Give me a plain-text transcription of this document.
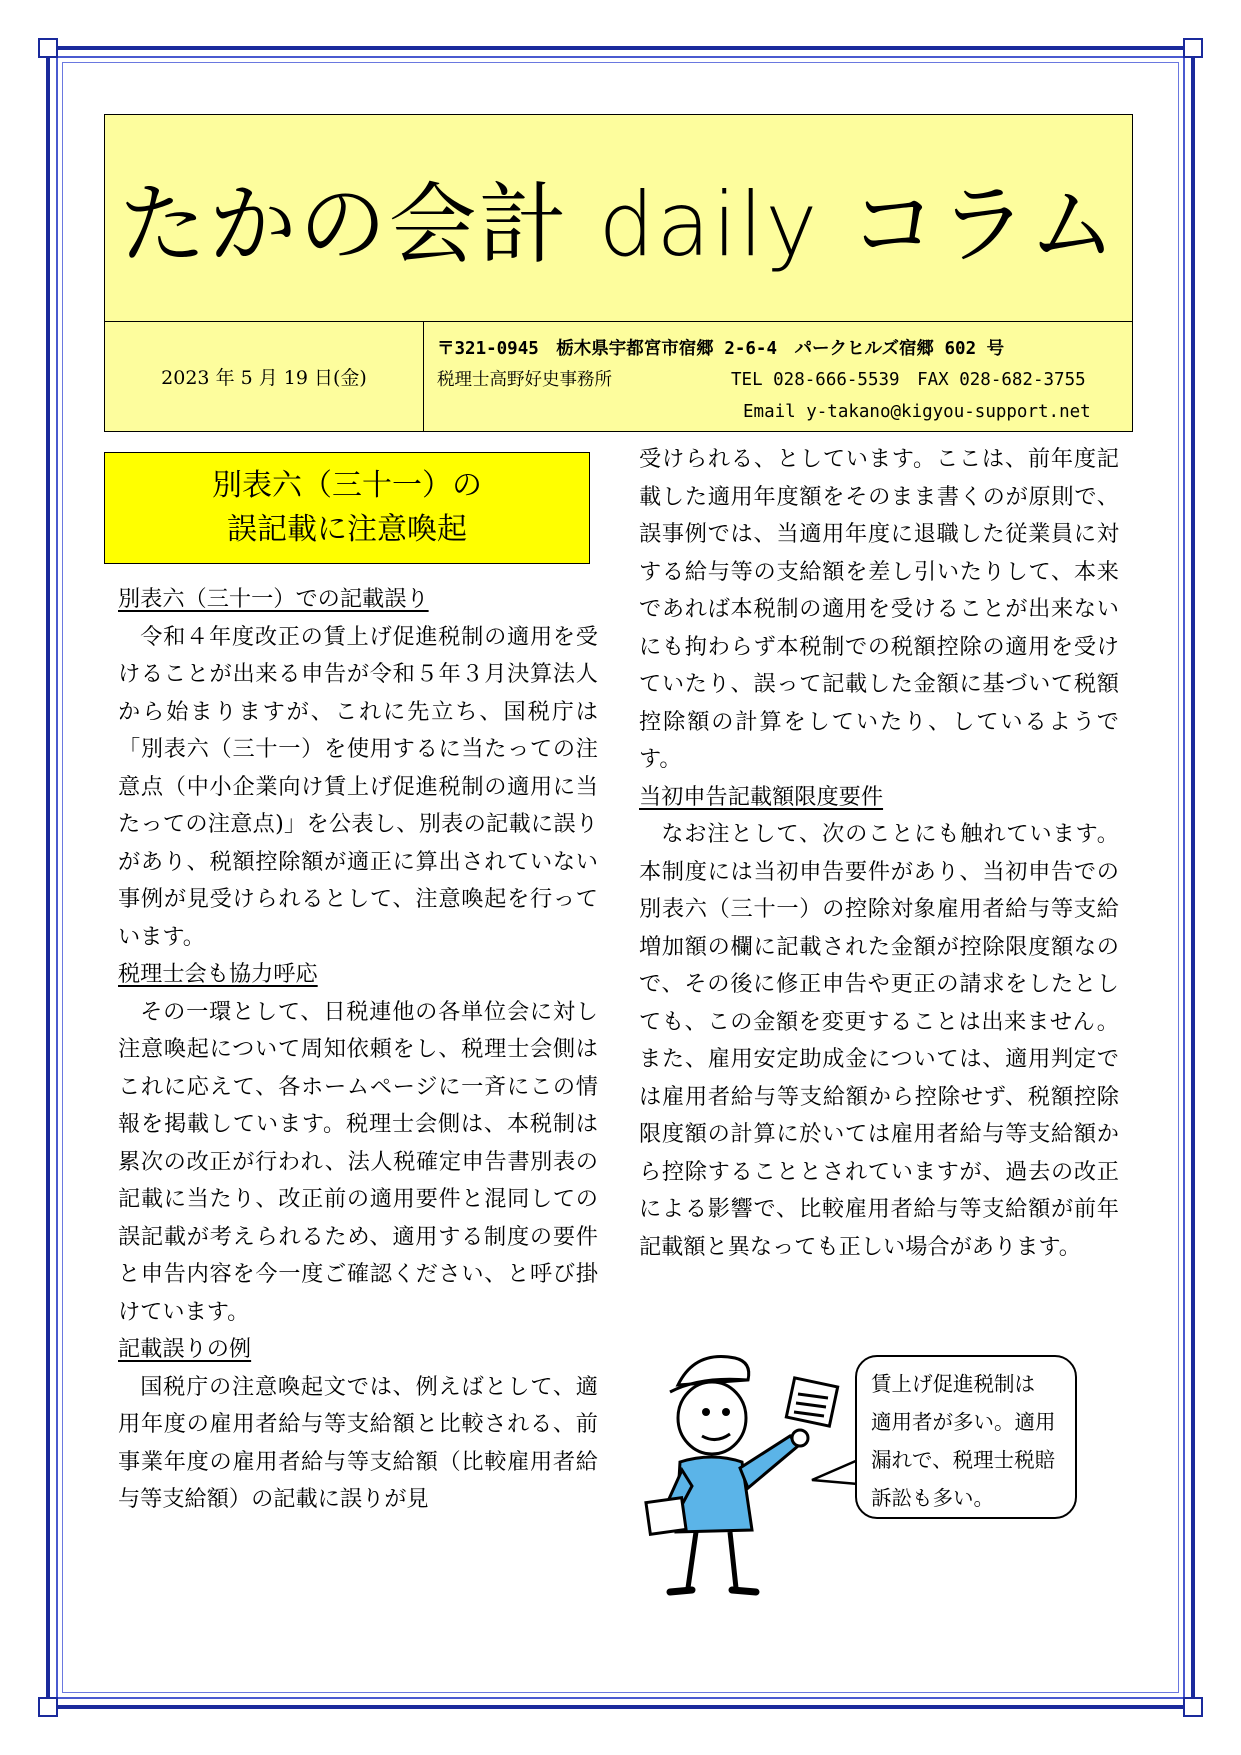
たかの会計 daily コラム
2023 年 5 月 19 日(金)
〒321-0945　栃木県宇都宮市宿郷 2-6-4　パークヒルズ宿郷 602 号
税理士高野好史事務所	TEL 028-666-5539　FAX 028-682-3755
Email y-takano@kigyou-support.net
別表六（三十一）の
誤記載に注意喚起
別表六（三十一）での記載誤り

令和４年度改正の賃上げ促進税制の適用を受けることが出来る申告が令和５年３月決算法人から始まりますが、これに先立ち、国税庁は「別表六（三十一）を使用するに当たっての注意点（中小企業向け賃上げ促進税制の適用に当たっての注意点)」を公表し、別表の記載に誤りがあり、税額控除額が適正に算出されていない事例が見受けられるとして、注意喚起を行っています。

税理士会も協力呼応

その一環として、日税連他の各単位会に対し注意喚起について周知依頼をし、税理士会側はこれに応えて、各ホームページに一斉にこの情報を掲載しています。税理士会側は、本税制は累次の改正が行われ、法人税確定申告書別表の記載に当たり、改正前の適用要件と混同しての誤記載が考えられるため、適用する制度の要件と申告内容を今一度ご確認ください、と呼び掛けています。

記載誤りの例

国税庁の注意喚起文では、例えばとして、適用年度の雇用者給与等支給額と比較される、前事業年度の雇用者給与等支給額（比較雇用者給与等支給額）の記載に誤りが見

受けられる、としています。ここは、前年度記載した適用年度額をそのまま書くのが原則で、誤事例では、当適用年度に退職した従業員に対する給与等の支給額を差し引いたりして、本来であれば本税制の適用を受けることが出来ないにも拘わらず本税制での税額控除の適用を受けていたり、誤って記載した金額に基づいて税額控除額の計算をしていたり、しているようです。

当初申告記載額限度要件

なお注として、次のことにも触れています。本制度には当初申告要件があり、当初申告での別表六（三十一）の控除対象雇用者給与等支給増加額の欄に記載された金額が控除限度額なので、その後に修正申告や更正の請求をしたとしても、この金額を変更することは出来ません。また、雇用安定助成金については、適用判定では雇用者給与等支給額から控除せず、税額控除限度額の計算に於いては雇用者給与等支給額から控除することとされていますが、過去の改正による影響で、比較雇用者給与等支給額が前年記載額と異なっても正しい場合があります。

賃上げ促進税制は
適用者が多い。適用
漏れで、税理士税賠
訴訟も多い。
